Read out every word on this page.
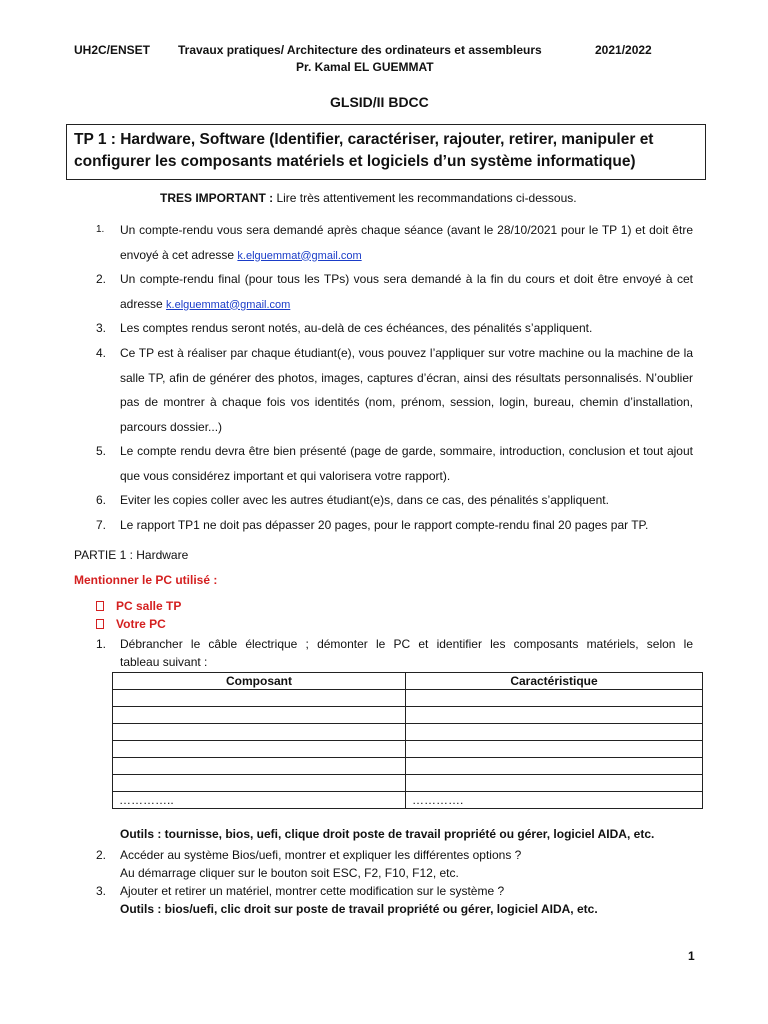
UH2C/ENSET Travaux pratiques/ Architecture des ordinateurs et assembleurs	2021/2022
Pr. Kamal EL GUEMMAT
GLSID/II BDCC
TP 1 : Hardware, Software (Identifier, caractériser, rajouter, retirer, manipuler et
configurer les composants matériels et logiciels d’un système informatique)
TRES IMPORTANT : Lire très attentivement les recommandations ci-dessous.
1.	Un compte-rendu vous sera demandé après chaque séance (avant le 28/10/2021 pour le TP 1) et doit être envoyé à cet adresse k.elguemmat@gmail.com
2.	Un compte-rendu final (pour tous les TPs) vous sera demandé à la fin du cours et doit être envoyé à cet adresse k.elguemmat@gmail.com
3.	Les comptes rendus seront notés, au-delà de ces échéances, des pénalités s’appliquent.
4.	Ce TP est à réaliser par chaque étudiant(e), vous pouvez l’appliquer sur votre machine ou la machine de la salle TP, afin de générer des photos, images, captures d’écran, ainsi des résultats personnalisés. N’oublier pas de montrer à chaque fois vos identités (nom, prénom, session, login, bureau, chemin d’installation, parcours dossier...)
5.	Le compte rendu devra être bien présenté (page de garde, sommaire, introduction, conclusion et tout ajout que vous considérez important et qui valorisera votre rapport).
6.	Eviter les copies coller avec les autres étudiant(e)s, dans ce cas, des pénalités s’appliquent.
7.	Le rapport TP1 ne doit pas dépasser 20 pages, pour le rapport compte-rendu final 20 pages par TP.
PARTIE 1 : Hardware
Mentionner le PC utilisé :
PC salle TP
Votre PC
1. Débrancher le câble électrique ; démonter le PC et identifier les composants matériels, selon le
tableau suivant :
Composant	Caractéristique

…………..	………….
Outils : tournisse, bios, uefi, clique droit poste de travail propriété ou gérer, logiciel AIDA, etc.
2. Accéder au système Bios/uefi, montrer et expliquer les différentes options ?
Au démarrage cliquer sur le bouton soit ESC, F2, F10, F12, etc.
3. Ajouter et retirer un matériel, montrer cette modification sur le système ?
Outils : bios/uefi, clic droit sur poste de travail propriété ou gérer, logiciel AIDA, etc.
1
